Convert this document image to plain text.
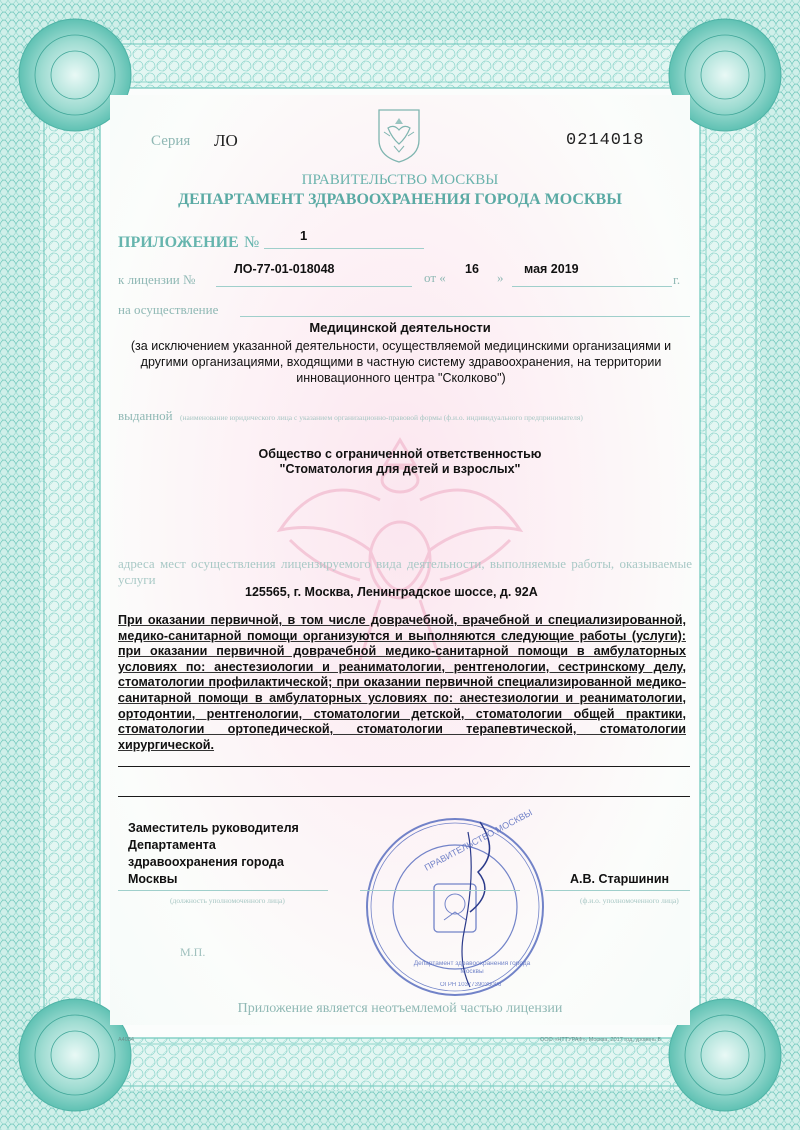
Серия ЛО	0214018
ПРАВИТЕЛЬСТВО МОСКВЫ
ДЕПАРТАМЕНТ ЗДРАВООХРАНЕНИЯ ГОРОДА МОСКВЫ
ПРИЛОЖЕНИЕ №	1
к лицензии №
ЛО-77-01-018048
от «
16
»
мая 2019
г.
на осуществление
Медицинской деятельности
(за исключением указанной деятельности, осуществляемой медицинскими организациями и другими организациями, входящими в частную систему здравоохранения, на территории инновационного центра "Сколково")
выданной (наименование юридического лица с указанием организационно-правовой формы (ф.и.о. индивидуального предпринимателя)
Общество с ограниченной ответственностью
"Стоматология для детей и взрослых"
адреса мест осуществления лицензируемого вида деятельности, выполняемые работы, оказываемые услуги
125565, г. Москва, Ленинградское шоссе, д. 92А
При оказании первичной, в том числе доврачебной, врачебной и специализированной, медико-санитарной помощи организуются и выполняются следующие работы (услуги): при оказании первичной доврачебной медико-санитарной помощи в амбулаторных условиях по: анестезиологии и реаниматологии, рентгенологии, сестринскому делу, стоматологии профилактической; при оказании первичной специализированной медико-санитарной помощи в амбулаторных условиях по: анестезиологии и реаниматологии, ортодонтии, рентгенологии, стоматологии детской, стоматологии общей практики, стоматологии ортопедической, стоматологии терапевтической, стоматологии хирургической.
ПРАВИТЕЛЬСТВО МОСКВЫ
Департамент здравоохранения города Москвы
ОГРН 1037739036006
Заместитель руководителя
Департамента
здравоохранения города
Москвы
(должность уполномоченного лица)
А.В. Старшинин
(ф.и.о. уполномоченного лица)
М.П.
Приложение является неотъемлемой частью лицензии
А4034	ООО «НТТУРАФ», Москва, 2017 год, уровень Б
